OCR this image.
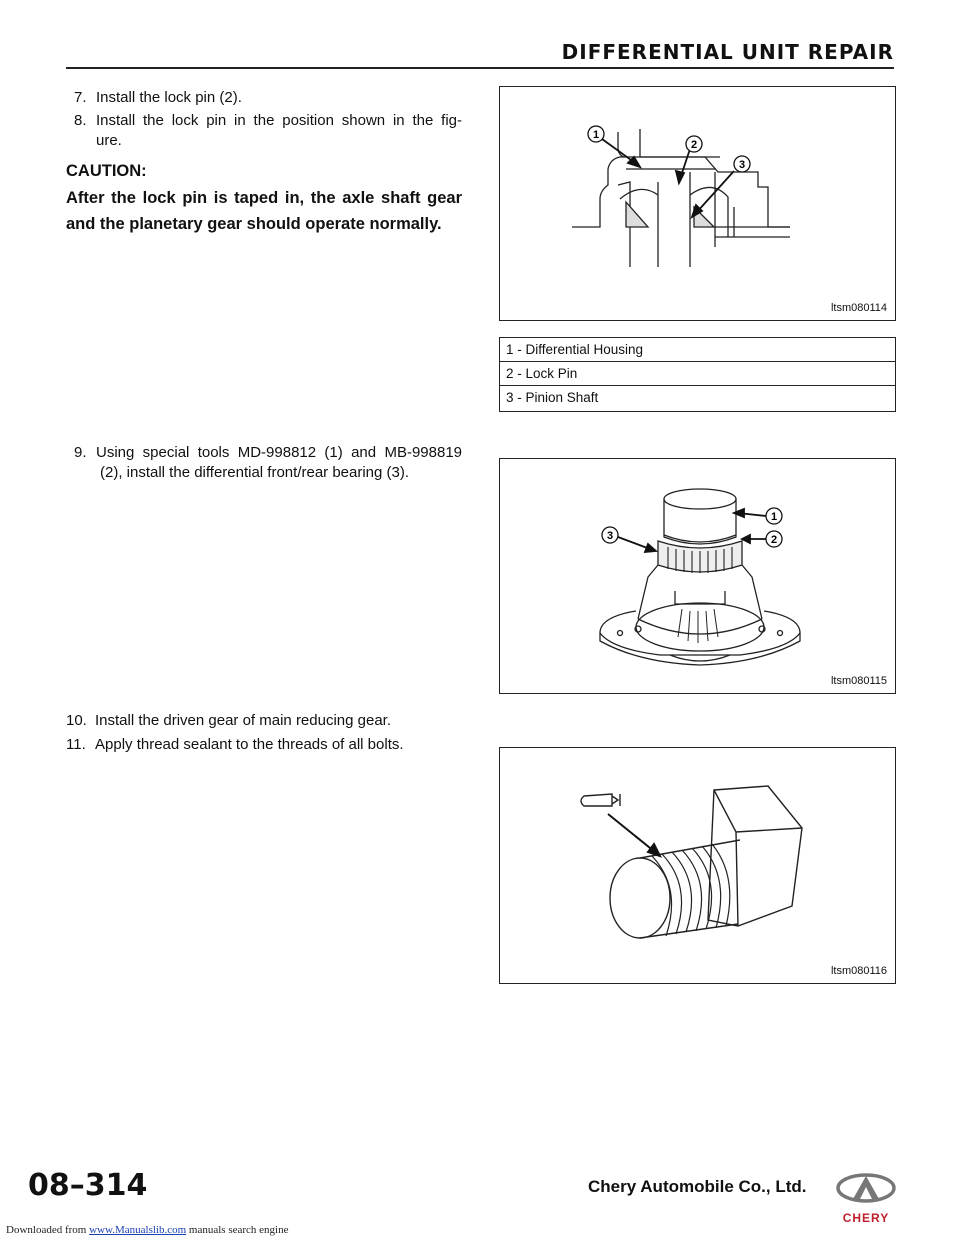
DIFFERENTIAL UNIT REPAIR
7. Install the lock pin (2).
8. Install the lock pin in the position shown in the fig-
ure.
CAUTION:
After the lock pin is taped in, the axle shaft gear and the planetary gear should operate normally.
1
2
3
ltsm080114
1 - Differential Housing
2 - Lock Pin
3 - Pinion Shaft
9. Using special tools MD-998812 (1) and MB-998819
(2), install the differential front/rear bearing (3).
1
2
3
ltsm080115
10. Install the driven gear of main reducing gear.
11. Apply thread sealant to the threads of all bolts.
ltsm080116
08–314	Chery Automobile Co., Ltd.
CHERY
Downloaded from www.Manualslib.com manuals search engine
